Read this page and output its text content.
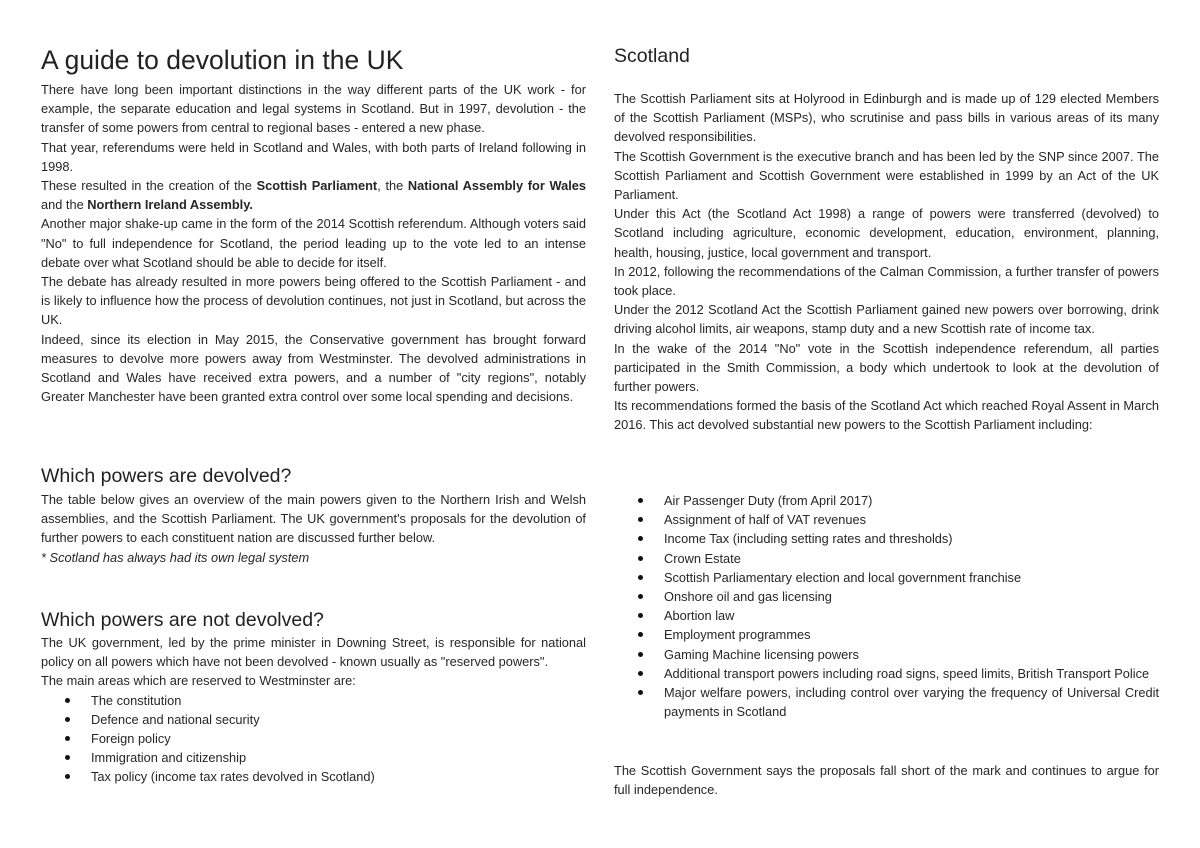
A guide to devolution in the UK

There have long been important distinctions in the way different parts of the UK work - for example, the separate education and legal systems in Scotland. But in 1997, devolution - the transfer of some powers from central to regional bases - entered a new phase.

That year, referendums were held in Scotland and Wales, with both parts of Ireland following in 1998.

These resulted in the creation of the Scottish Parliament, the National Assembly for Wales and the Northern Ireland Assembly.

Another major shake-up came in the form of the 2014 Scottish referendum. Although voters said "No" to full independence for Scotland, the period leading up to the vote led to an intense debate over what Scotland should be able to decide for itself.

The debate has already resulted in more powers being offered to the Scottish Parliament - and is likely to influence how the process of devolution continues, not just in Scotland, but across the UK.

Indeed, since its election in May 2015, the Conservative government has brought forward measures to devolve more powers away from Westminster. The devolved administrations in Scotland and Wales have received extra powers, and a number of "city regions", notably Greater Manchester have been granted extra control over some local spending and decisions.

Which powers are devolved?

The table below gives an overview of the main powers given to the Northern Irish and Welsh assemblies, and the Scottish Parliament. The UK government's proposals for the devolution of further powers to each constituent nation are discussed further below.

* Scotland has always had its own legal system

Which powers are not devolved?

The UK government, led by the prime minister in Downing Street, is responsible for national policy on all powers which have not been devolved - known usually as "reserved powers".

The main areas which are reserved to Westminster are:

The constitution
Defence and national security
Foreign policy
Immigration and citizenship
Tax policy (income tax rates devolved in Scotland)
Scotland

The Scottish Parliament sits at Holyrood in Edinburgh and is made up of 129 elected Members of the Scottish Parliament (MSPs), who scrutinise and pass bills in various areas of its many devolved responsibilities.

The Scottish Government is the executive branch and has been led by the SNP since 2007. The Scottish Parliament and Scottish Government were established in 1999 by an Act of the UK Parliament.

Under this Act (the Scotland Act 1998) a range of powers were transferred (devolved) to Scotland including agriculture, economic development, education, environment, planning, health, housing, justice, local government and transport.

In 2012, following the recommendations of the Calman Commission, a further transfer of powers took place.

Under the 2012 Scotland Act the Scottish Parliament gained new powers over borrowing, drink driving alcohol limits, air weapons, stamp duty and a new Scottish rate of income tax.

In the wake of the 2014 "No" vote in the Scottish independence referendum, all parties participated in the Smith Commission, a body which undertook to look at the devolution of further powers.

Its recommendations formed the basis of the Scotland Act which reached Royal Assent in March 2016. This act devolved substantial new powers to the Scottish Parliament including:

Air Passenger Duty (from April 2017)
Assignment of half of VAT revenues
Income Tax (including setting rates and thresholds)
Crown Estate
Scottish Parliamentary election and local government franchise
Onshore oil and gas licensing
Abortion law
Employment programmes
Gaming Machine licensing powers
Additional transport powers including road signs, speed limits, British Transport Police
Major welfare powers, including control over varying the frequency of Universal Credit payments in Scotland

The Scottish Government says the proposals fall short of the mark and continues to argue for full independence.
